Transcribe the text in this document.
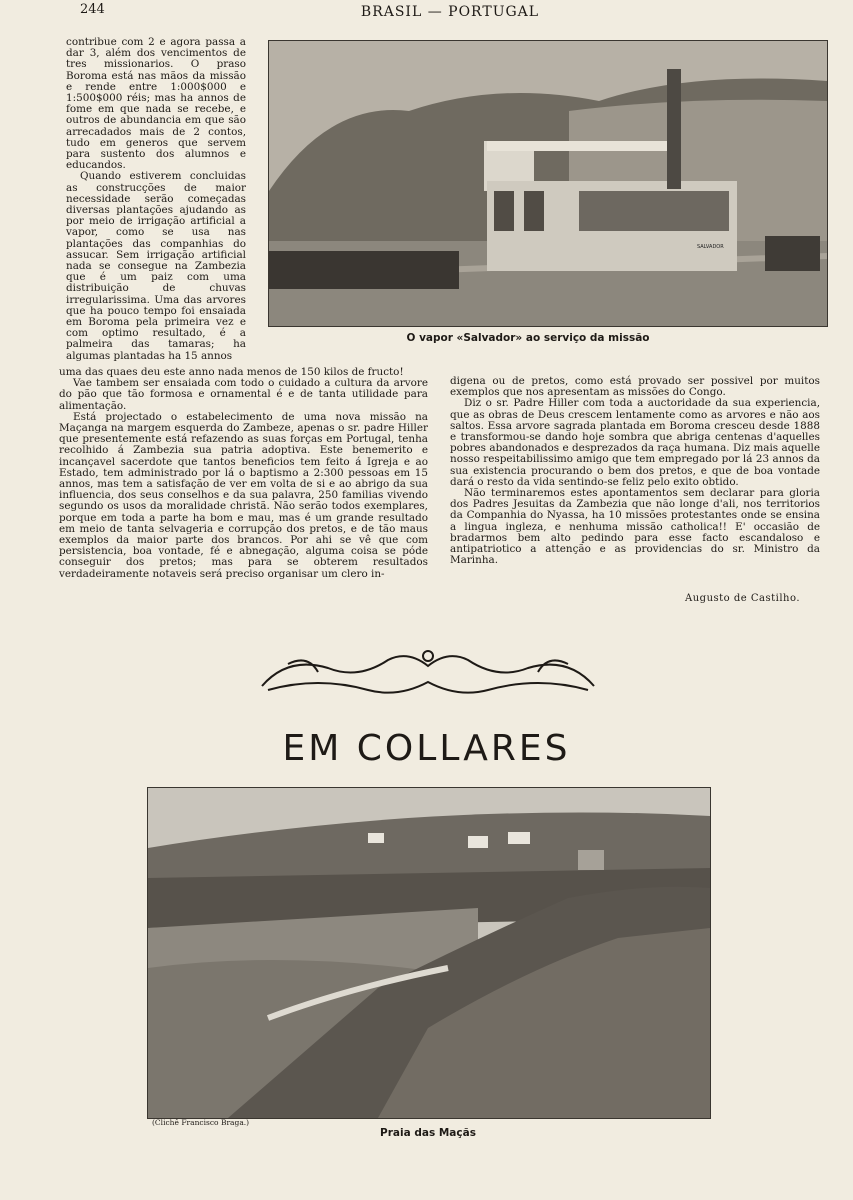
244	BRASIL — PORTUGAL
SALVADOR
O vapor «Salvador» ao serviço da missão

contribue com 2 e agora passa a dar 3, além dos vencimentos de tres missionarios. O praso Boroma está nas mãos da missão e rende entre 1:000$000 e 1:500$000 réis; mas ha annos de fome em que nada se recebe, e outros de abundancia em que são arrecadados mais de 2 contos, tudo em generos que servem para sustento dos alumnos e educandos.

Quando estiverem concluidas as construcções de maior necessidade serão começadas diversas plantações ajudando as por meio de irrigação artificial a vapor, como se usa nas plantações das companhias do assucar. Sem irrigação artificial nada se consegue na Zambezia que é um paiz com uma distribuição de chuvas irregularissima. Uma das arvores que ha pouco tempo foi ensaiada em Boroma pela primeira vez e com optimo resultado, é a palmeira das tamaras; ha algumas plantadas ha 15 annos

uma das quaes deu este anno nada menos de 150 kilos de fructo!

Vae tambem ser ensaiada com todo o cuidado a cultura da arvore do pão que tão formosa e ornamental é e de tanta utilidade para alimentação.

Está projectado o estabelecimento de uma nova missão na Maçanga na margem esquerda do Zambeze, apenas o sr. padre Hiller que presentemente está refazendo as suas forças em Portugal, tenha recolhido á Zambezia sua patria adoptiva. Este benemerito e incançavel sacerdote que tantos beneficios tem feito á Igreja e ao Estado, tem administrado por lá o baptismo a 2:300 pessoas em 15 annos, mas tem a satisfação de ver em volta de si e ao abrigo da sua influencia, dos seus conselhos e da sua palavra, 250 familias vivendo segundo os usos da moralidade christã. Não serão todos exemplares, porque em toda a parte ha bom e mau, mas é um grande resultado em meio de tanta selvageria e corrupção dos pretos, e de tão maus exemplos da maior parte dos brancos. Por ahi se vê que com persistencia, boa vontade, fé e abnegação, alguma coisa se póde conseguir dos pretos; mas para se obterem resultados verdadeiramente notaveis será preciso organisar um clero in-

digena ou de pretos, como está provado ser possivel por muitos exemplos que nos apresentam as missões do Congo.

Diz o sr. Padre Hiller com toda a auctoridade da sua experiencia, que as obras de Deus crescem lentamente como as arvores e não aos saltos. Essa arvore sagrada plantada em Boroma cresceu desde 1888 e transformou-se dando hoje sombra que abriga centenas d'aquelles pobres abandonados e desprezados da raça humana. Diz mais aquelle nosso respeitabilissimo amigo que tem empregado por lá 23 annos da sua existencia procurando o bem dos pretos, e que de boa vontade dará o resto da vida sentindo-se feliz pelo exito obtido.

Não terminaremos estes apontamentos sem declarar para gloria dos Padres Jesuitas da Zambezia que não longe d'ali, nos territorios da Companhia do Nyassa, ha 10 missões protestantes onde se ensina a lingua ingleza, e nenhuma missão catholica!! E' occasião de bradarmos bem alto pedindo para esse facto escandaloso e antipatriotico a attenção e as providencias do sr. Ministro da Marinha.

Augusto de Castilho.
EM COLLARES
(Clichê Francisco Braga.)
Praia das Maçãs
